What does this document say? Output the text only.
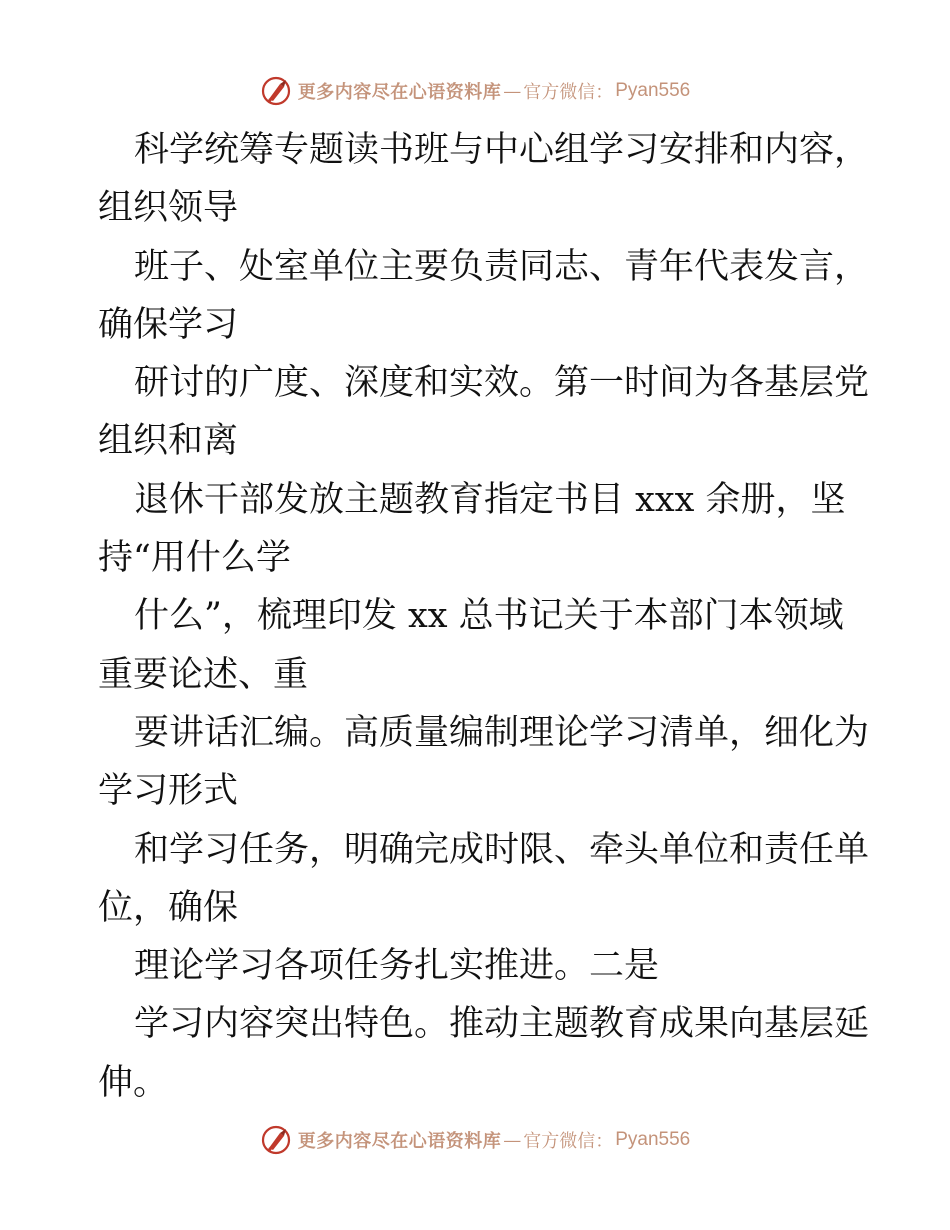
更多内容尽在心语资料库 — 官方微信： Pyan556
科学统筹专题读书班与中心组学习安排和内容，
组织领导
班子、处室单位主要负责同志、青年代表发言，
确保学习
研讨的广度、深度和实效。第一时间为各基层党
组织和离
退休干部发放主题教育指定书目 xxx 余册，坚
持“用什么学
什么”，梳理印发 xx 总书记关于本部门本领域
重要论述、重
要讲话汇编。高质量编制理论学习清单，细化为
学习形式
和学习任务，明确完成时限、牵头单位和责任单
位，确保
理论学习各项任务扎实推进。二是
学习内容突出特色。推动主题教育成果向基层延
伸。
更多内容尽在心语资料库 — 官方微信： Pyan556
